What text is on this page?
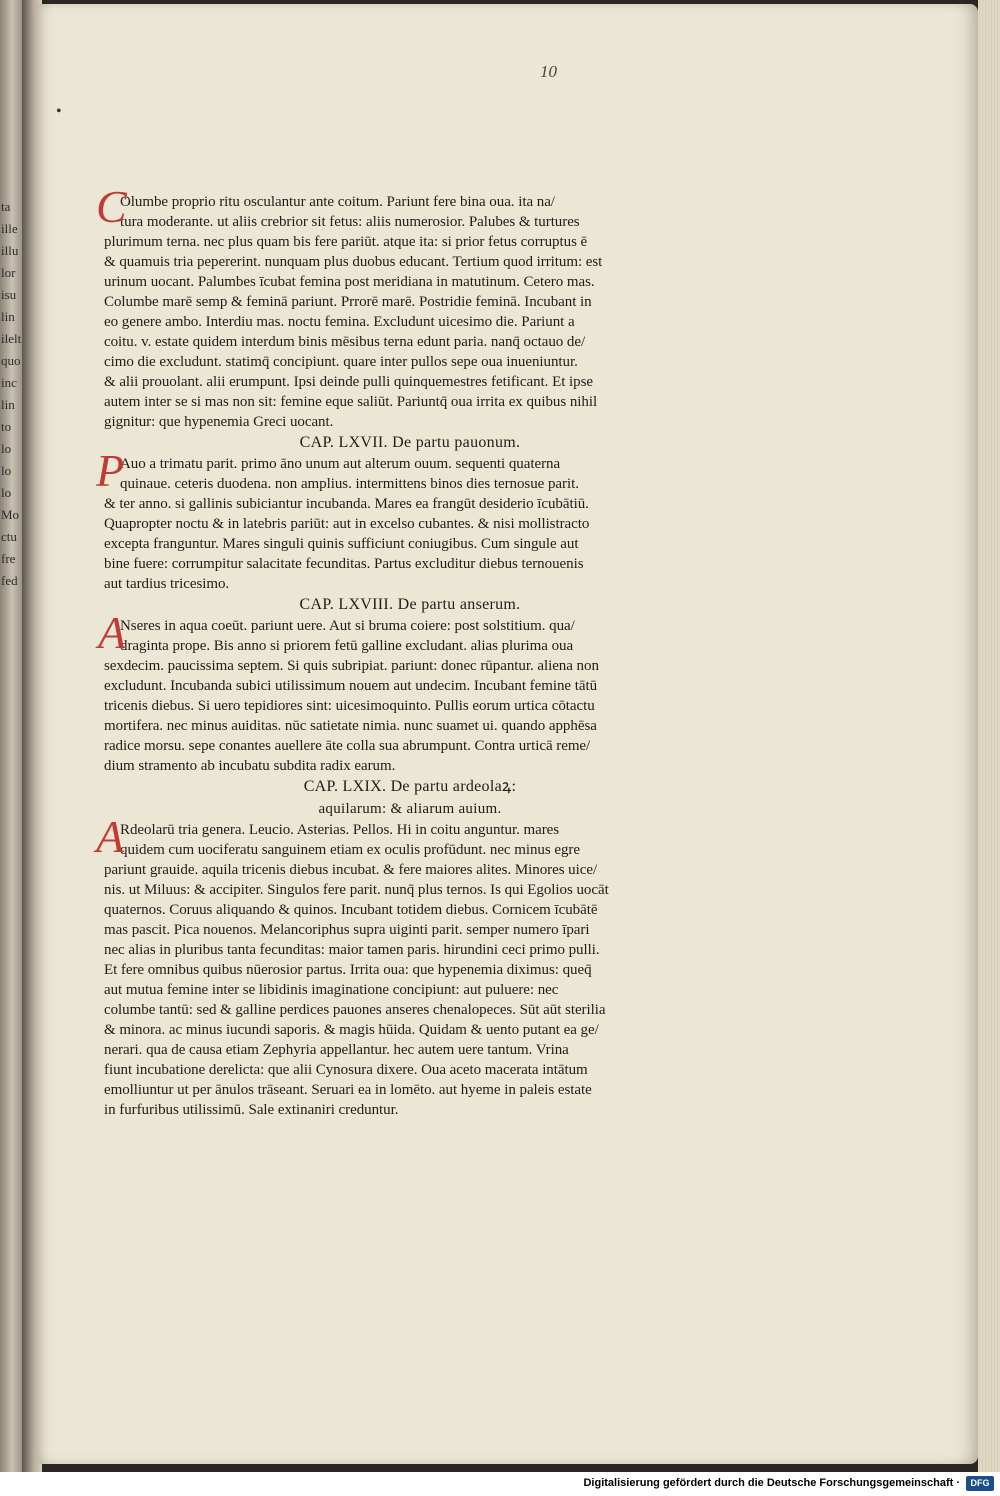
ta
ille
illu
lor
isu
lin
ilelt
quo
inc
lin
to
lo
lo
lo
Mo
ctu
fre
fed
10
•
C
Olumbe proprio ritu osculantur ante coitum. Pariunt fere bina oua. ita na/
tura moderante. ut aliis crebrior sit fetus: aliis numerosior. Palubes & turtures
plurimum terna. nec plus quam bis fere pariūt. atque ita: si prior fetus corruptus ē
& quamuis tria pepererint. nunquam plus duobus educant. Tertium quod irritum: est
urinum uocant. Palumbes īcubat femina post meridiana in matutinum. Cetero mas.
Columbe marē semp & feminā pariunt. Prrorē marē. Postridie feminā. Incubant in
eo genere ambo. Interdiu mas. noctu femina. Excludunt uicesimo die. Pariunt a
coitu. v. estate quidem interdum binis mēsibus terna edunt paria. nanq̄ octauo de/
cimo die excludunt. statimq̄ concipiunt. quare inter pullos sepe oua inueniuntur.
& alii prouolant. alii erumpunt. Ipsi deinde pulli quinquemestres fetificant. Et ipse
autem inter se si mas non sit: femine eque saliūt. Pariuntq̄ oua irrita ex quibus nihil
gignitur: que hypenemia Greci uocant.
CAP. LXVII. De partu pauonum.
P
Auo a trimatu parit. primo āno unum aut alterum ouum. sequenti quaterna
quinaue. ceteris duodena. non amplius. intermittens binos dies ternosue parit.
& ter anno. si gallinis subiciantur incubanda. Mares ea frangūt desiderio īcubātiū.
Quapropter noctu & in latebris pariūt: aut in excelso cubantes. & nisi mollistracto
excepta franguntur. Mares singuli quinis sufficiunt coniugibus. Cum singule aut
bine fuere: corrumpitur salacitate fecunditas. Partus excluditur diebus ternouenis
aut tardius tricesimo.
CAP. LXVIII. De partu anserum.
A
Nseres in aqua coeūt. pariunt uere. Aut si bruma coiere: post solstitium. qua/
draginta prope. Bis anno si priorem fetū galline excludant. alias plurima oua
sexdecim. paucissima septem. Si quis subripiat. pariunt: donec rūpantur. aliena non
excludunt. Incubanda subici utilissimum nouem aut undecim. Incubant femine tātū
tricenis diebus. Si uero tepidiores sint: uicesimoquinto. Pullis eorum urtica cōtactu
mortifera. nec minus auiditas. nūc satietate nimia. nunc suamet ui. quando apphēsa
radice morsu. sepe conantes auellere āte colla sua abrumpunt. Contra urticā reme/
dium stramento ab incubatu subdita radix earum.
CAP. LXIX. De partu ardeolaꝝ:
aquilarum: & aliarum auium.
A
Rdeolarū tria genera. Leucio. Asterias. Pellos. Hi in coitu anguntur. mares
quidem cum uociferatu sanguinem etiam ex oculis profūdunt. nec minus egre
pariunt grauide. aquila tricenis diebus incubat. & fere maiores alites. Minores uice/
nis. ut Miluus: & accipiter. Singulos fere parit. nunq̄ plus ternos. Is qui Egolios uocāt
quaternos. Coruus aliquando & quinos. Incubant totidem diebus. Cornicem īcubātē
mas pascit. Pica nouenos. Melancoriphus supra uiginti parit. semper numero īpari
nec alias in pluribus tanta fecunditas: maior tamen paris. hirundini ceci primo pulli.
Et fere omnibus quibus nūerosior partus. Irrita oua: que hypenemia diximus: queq̄
aut mutua femine inter se libidinis imaginatione concipiunt: aut puluere: nec
columbe tantū: sed & galline perdices pauones anseres chenalopeces. Sūt aūt sterilia
& minora. ac minus iucundi saporis. & magis hūida. Quidam & uento putant ea ge/
nerari. qua de causa etiam Zephyria appellantur. hec autem uere tantum. Vrina
fiunt incubatione derelicta: que alii Cynosura dixere. Oua aceto macerata intātum
emolliuntur ut per ānulos trāseant. Seruari ea in lomēto. aut hyeme in paleis estate
in furfuribus utilissimū. Sale extinaniri creduntur.
Digitalisierung gefördert durch die Deutsche Forschungsgemeinschaft ·	DFG
